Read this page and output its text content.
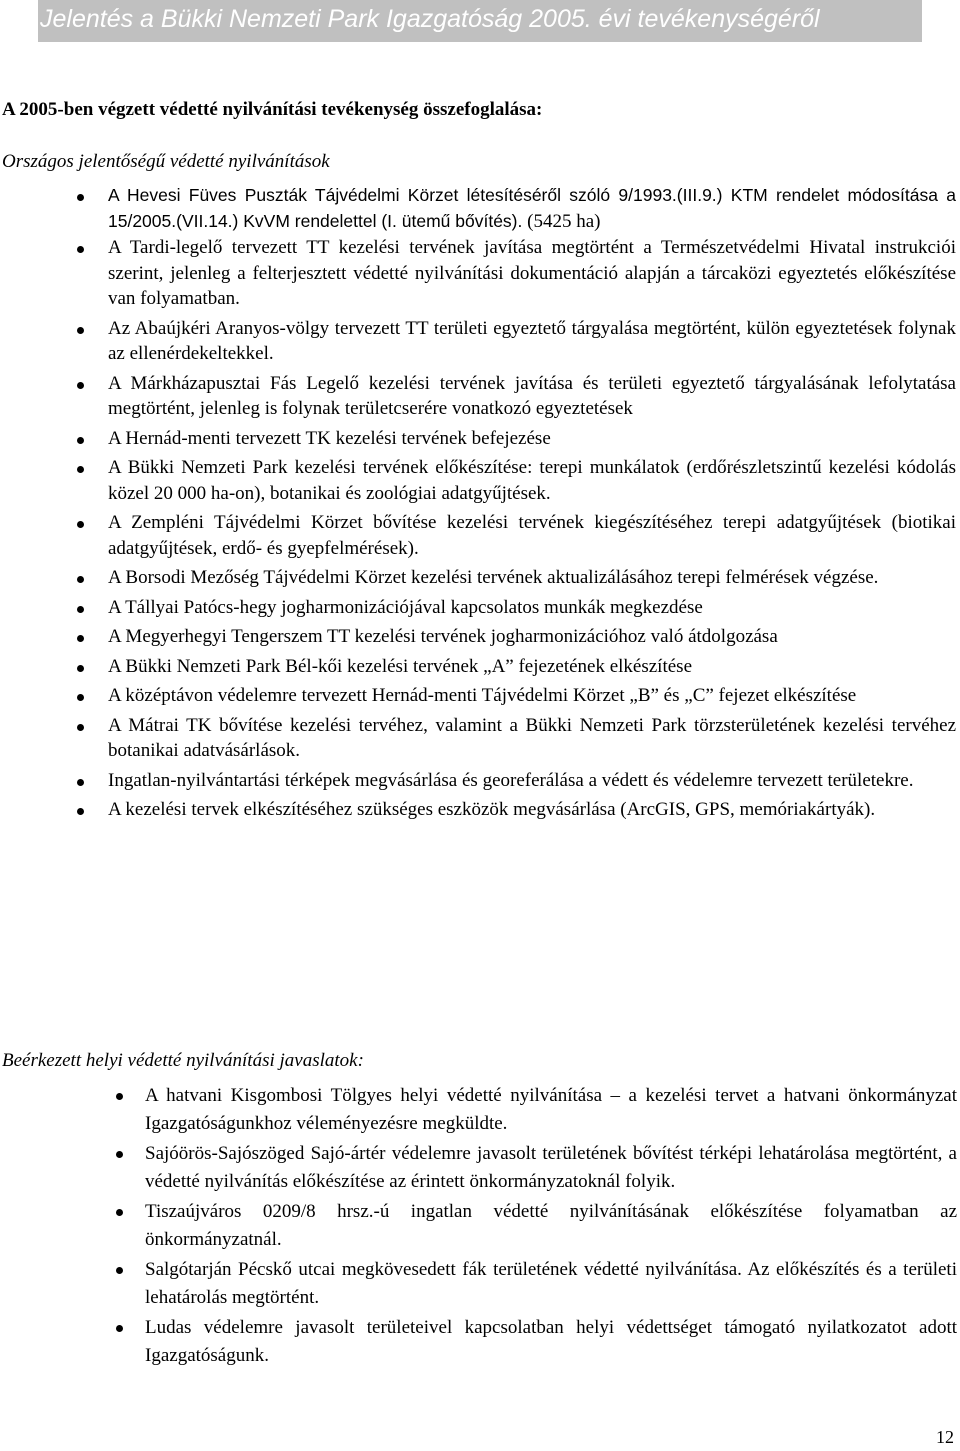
Jelentés a Bükki Nemzeti Park Igazgatóság 2005. évi tevékenységéről
A 2005-ben végzett védetté nyilvánítási tevékenység összefoglalása:
Országos jelentőségű védetté nyilvánítások
A Hevesi Füves Puszták Tájvédelmi Körzet létesítéséről szóló 9/1993.(III.9.) KTM rendelet módosítása a 15/2005.(VII.14.) KvVM rendelettel (I. ütemű bővítés). (5425 ha)
A Tardi-legelő tervezett TT kezelési tervének javítása megtörtént a Természetvédelmi Hivatal instrukciói szerint, jelenleg a felterjesztett védetté nyilvánítási dokumentáció alapján a tárcaközi egyeztetés előkészítése van folyamatban.
Az Abaújkéri Aranyos-völgy tervezett TT területi egyeztető tárgyalása megtörtént, külön egyeztetések folynak az ellenérdekeltekkel.
A Márkházapusztai Fás Legelő kezelési tervének javítása és területi egyeztető tárgyalásának lefolytatása megtörtént, jelenleg is folynak területcserére vonatkozó egyeztetések
A Hernád-menti tervezett TK kezelési tervének befejezése
A Bükki Nemzeti Park kezelési tervének előkészítése: terepi munkálatok (erdőrészletszintű kezelési kódolás közel 20 000 ha-on), botanikai és zoológiai adatgyűjtések.
A Zempléni Tájvédelmi Körzet bővítése kezelési tervének kiegészítéséhez terepi adatgyűjtések (biotikai adatgyűjtések, erdő- és gyepfelmérések).
A Borsodi Mezőség Tájvédelmi Körzet kezelési tervének aktualizálásához terepi felmérések végzése.
A Tállyai Patócs-hegy jogharmonizációjával kapcsolatos munkák megkezdése
A Megyerhegyi Tengerszem TT kezelési tervének jogharmonizációhoz való átdolgozása
A Bükki Nemzeti Park Bél-kői kezelési tervének „A” fejezetének elkészítése
A középtávon védelemre tervezett Hernád-menti Tájvédelmi Körzet „B” és „C” fejezet elkészítése
A Mátrai TK bővítése kezelési tervéhez, valamint a Bükki Nemzeti Park törzsterületének kezelési tervéhez botanikai adatvásárlások.
Ingatlan-nyilvántartási térképek megvásárlása és georeferálása a védett és védelemre tervezett területekre.
A kezelési tervek elkészítéséhez szükséges eszközök megvásárlása (ArcGIS, GPS, memóriakártyák).
Beérkezett helyi védetté nyilvánítási javaslatok:
A hatvani Kisgombosi Tölgyes helyi védetté nyilvánítása – a kezelési tervet a hatvani önkormányzat Igazgatóságunkhoz véleményezésre megküldte.
Sajóörös-Sajószöged Sajó-ártér védelemre javasolt területének bővítést térképi lehatárolása megtörtént, a védetté nyilvánítás előkészítése az érintett önkormányzatoknál folyik.
Tiszaújváros 0209/8 hrsz.-ú ingatlan védetté nyilvánításának előkészítése folyamatban az önkormányzatnál.
Salgótarján Pécskő utcai megkövesedett fák területének védetté nyilvánítása. Az előkészítés és a területi lehatárolás megtörtént.
Ludas védelemre javasolt területeivel kapcsolatban helyi védettséget támogató nyilatkozatot adott Igazgatóságunk.
12
